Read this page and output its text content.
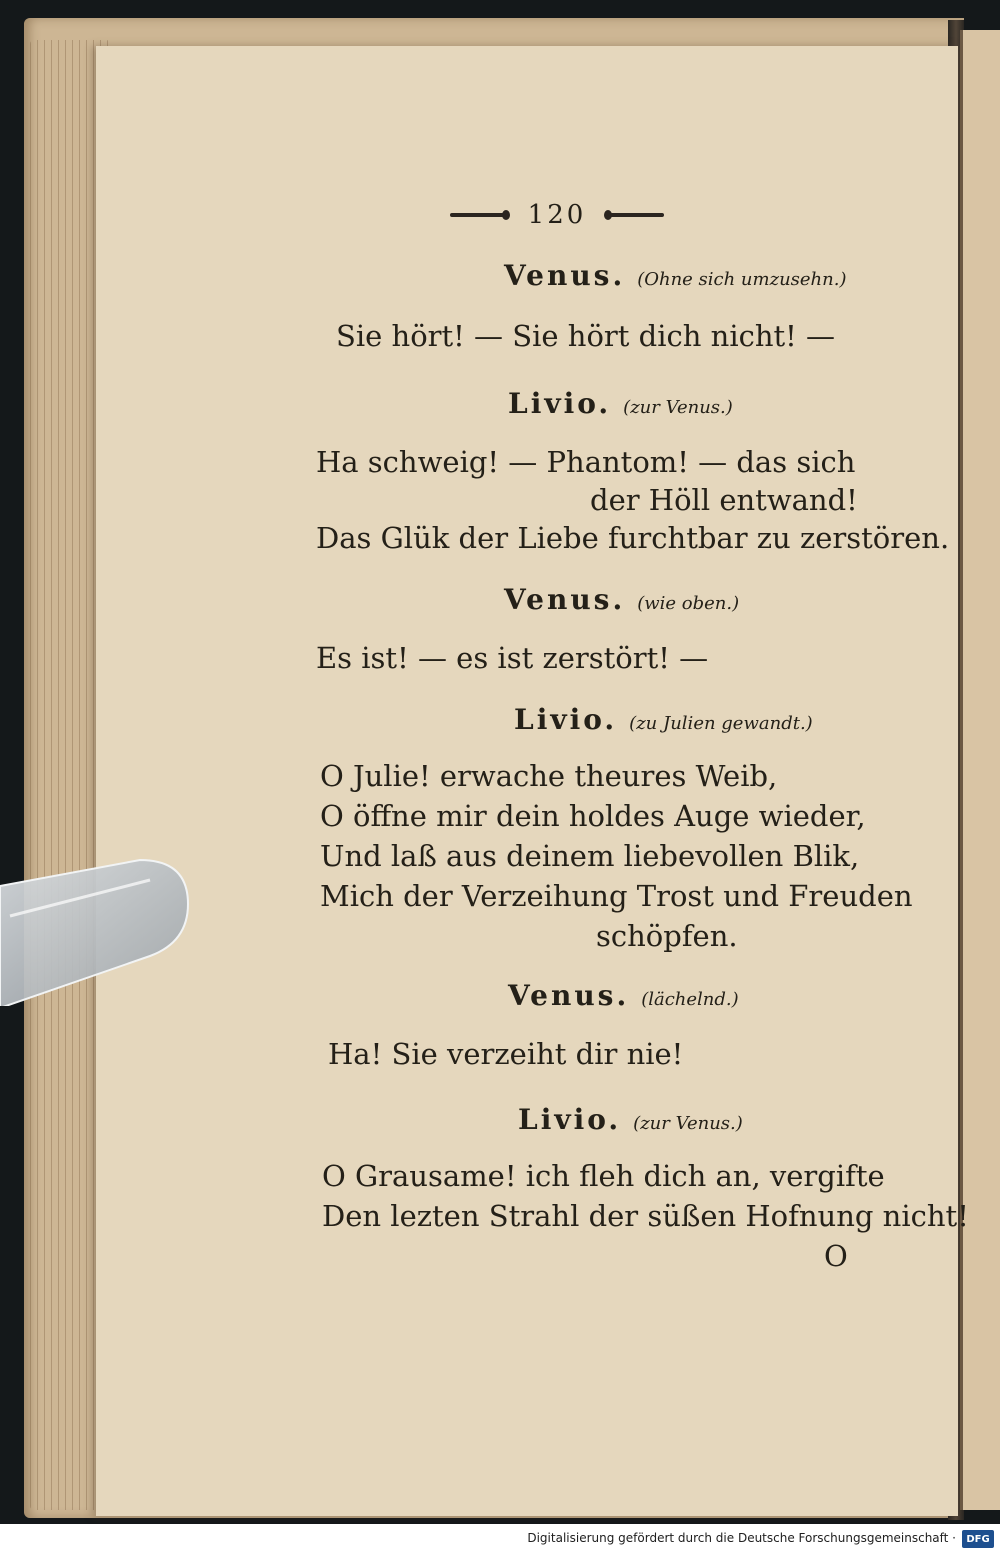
120
Venus. (Ohne sich umzusehn.)
Sie hört! — Sie hört dich nicht! —
Livio. (zur Venus.)
Ha schweig! — Phantom! — das sich
der Höll entwand!
Das Glük der Liebe furchtbar zu zerstören.
Venus. (wie oben.)
Es ist! — es ist zerstört! —
Livio. (zu Julien gewandt.)
O Julie! erwache theures Weib,
O öffne mir dein holdes Auge wieder,
Und laß aus deinem liebevollen Blik,
Mich der Verzeihung Trost und Freuden
schöpfen.
Venus. (lächelnd.)
Ha! Sie verzeiht dir nie!
Livio. (zur Venus.)
O Grausame! ich fleh dich an, vergifte
Den lezten Strahl der süßen Hofnung nicht!
O
Digitalisierung gefördert durch die Deutsche Forschungsgemeinschaft ·	DFG
